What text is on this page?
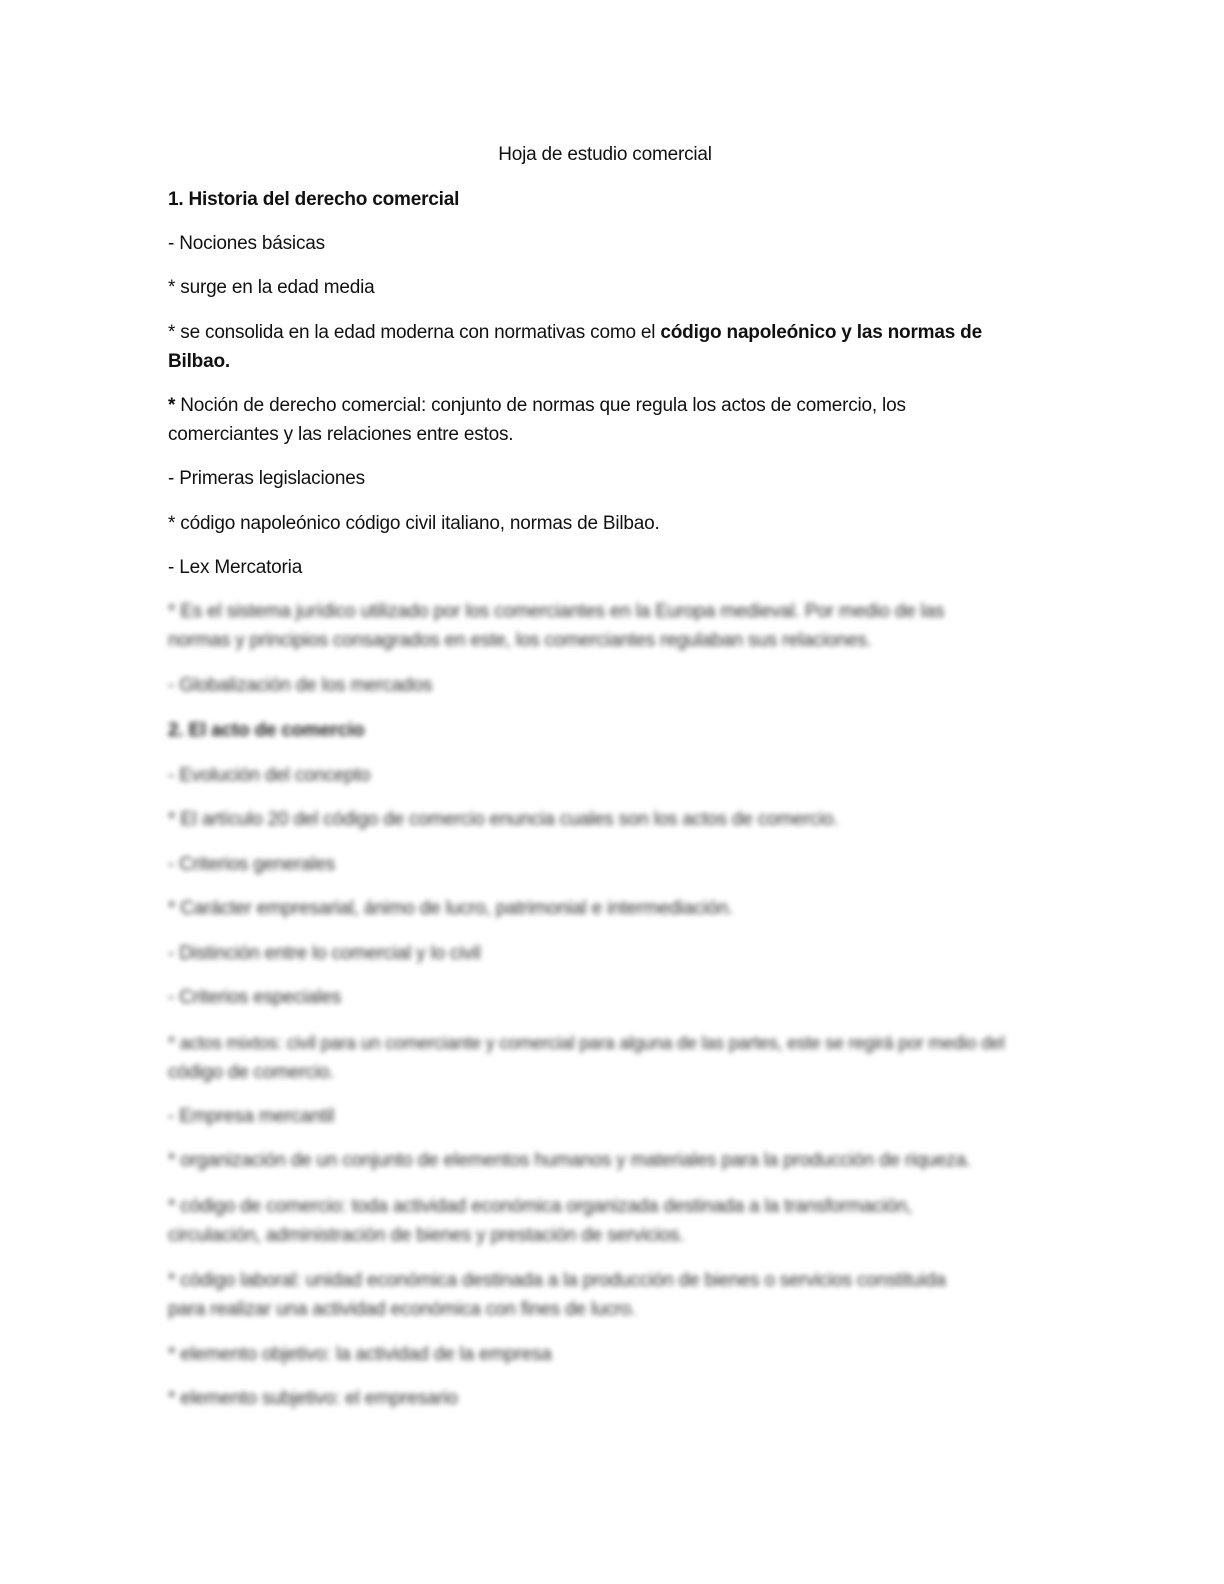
Hoja de estudio comercial
1. Historia del derecho comercial
- Nociones básicas
* surge en la edad media
* se consolida en la edad moderna con normativas como el código napoleónico y las normas de
Bilbao.
* Noción de derecho comercial: conjunto de normas que regula los actos de comercio, los
comerciantes y las relaciones entre estos.
- Primeras legislaciones
* código napoleónico código civil italiano, normas de Bilbao.
- Lex Mercatoria
* Es el sistema jurídico utilizado por los comerciantes en la Europa medieval. Por medio de las
normas y principios consagrados en este, los comerciantes regulaban sus relaciones.
- Globalización de los mercados
2. El acto de comercio
- Evolución del concepto
* El artículo 20 del código de comercio enuncia cuales son los actos de comercio.
- Criterios generales
* Carácter empresarial, ánimo de lucro, patrimonial e intermediación.
- Distinción entre lo comercial y lo civil
- Criterios especiales
* actos mixtos: civil para un comerciante y comercial para alguna de las partes, este se regirá por medio del
código de comercio.
- Empresa mercantil
* organización de un conjunto de elementos humanos y materiales para la producción de riqueza.
* código de comercio: toda actividad económica organizada destinada a la transformación,
circulación, administración de bienes y prestación de servicios.
* código laboral: unidad económica destinada a la producción de bienes o servicios constituida
para realizar una actividad económica con fines de lucro.
* elemento objetivo: la actividad de la empresa
* elemento subjetivo: el empresario
